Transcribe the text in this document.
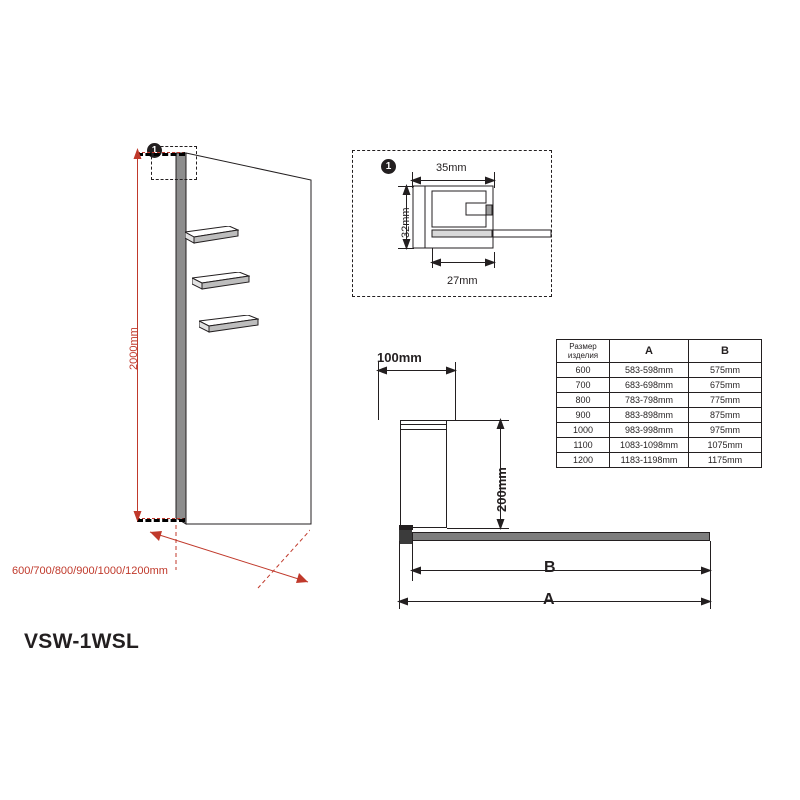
1
2000mm
600/700/800/900/1000/1200mm
VSW-1WSL
1	35mm
32mm
27mm
100mm
200mm
B
A
Размер изделия	A	B
600	583-598mm	575mm
700	683-698mm	675mm
800	783-798mm	775mm
900	883-898mm	875mm
1000	983-998mm	975mm
1100	1083-1098mm	1075mm
1200	1183-1198mm	1175mm
